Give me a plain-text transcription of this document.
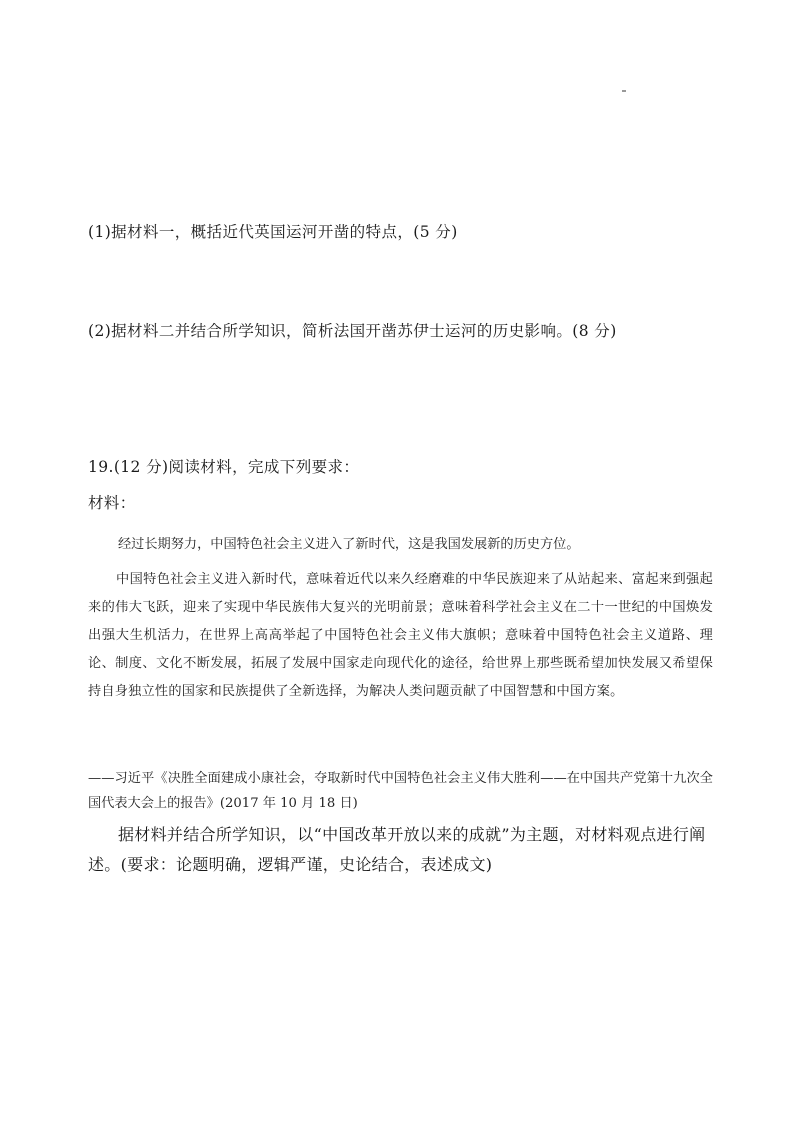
(1)据材料一，概括近代英国运河开凿的特点，(5 分)
(2)据材料二并结合所学知识，简析法国开凿苏伊士运河的历史影响。(8 分)
19.(12 分)阅读材料，完成下列要求：
材料：
经过长期努力，中国特色社会主义进入了新时代，这是我国发展新的历史方位。
中国特色社会主义进入新时代，意味着近代以来久经磨难的中华民族迎来了从站起来、富起来到强起来的伟大飞跃，迎来了实现中华民族伟大复兴的光明前景；意味着科学社会主义在二十一世纪的中国焕发出强大生机活力，在世界上高高举起了中国特色社会主义伟大旗帜；意味着中国特色社会主义道路、理论、制度、文化不断发展，拓展了发展中国家走向现代化的途径，给世界上那些既希望加快发展又希望保持自身独立性的国家和民族提供了全新选择，为解决人类问题贡献了中国智慧和中国方案。
——习近平《决胜全面建成小康社会，夺取新时代中国特色社会主义伟大胜利——在中国共产党第十九次全国代表大会上的报告》(2017 年 10 月 18 日)
据材料并结合所学知识，以“中国改革开放以来的成就”为主题，对材料观点进行阐述。(要求：论题明确，逻辑严谨，史论结合，表述成文)
